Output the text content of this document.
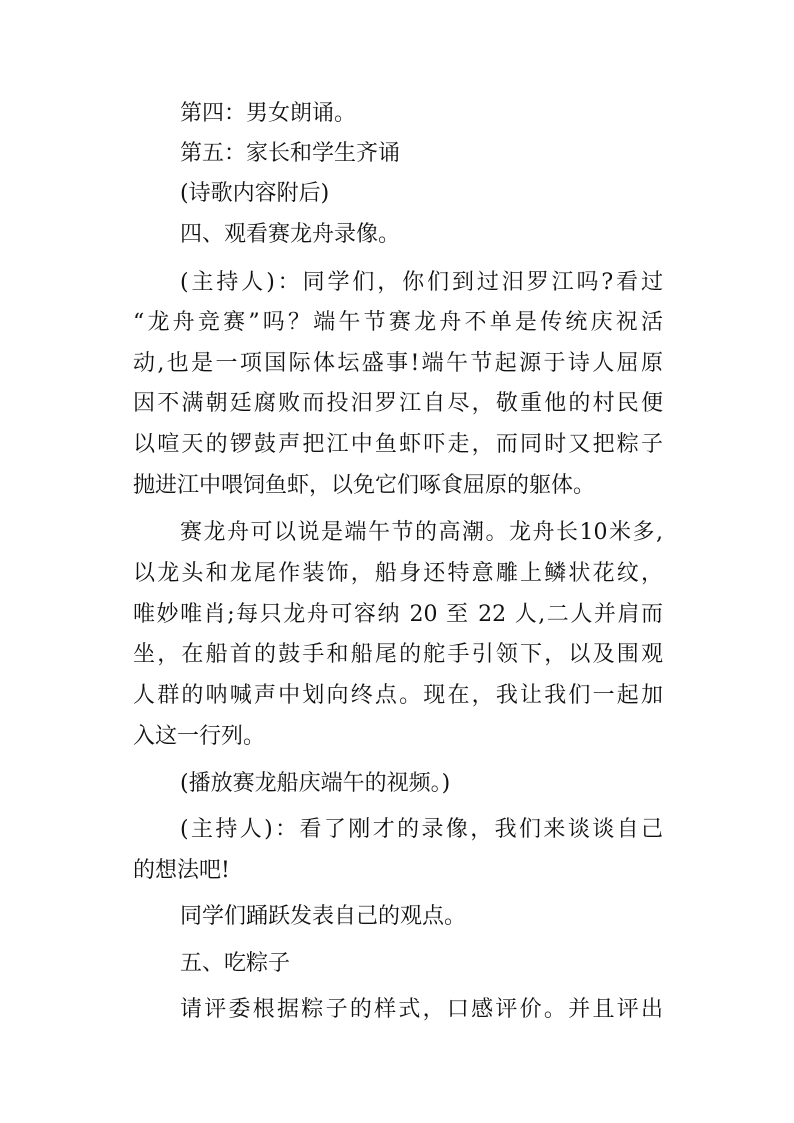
第四：男女朗诵。
第五：家长和学生齐诵
(诗歌内容附后)
四、观看赛龙舟录像。
(主持人)：同学们，你们到过汨罗江吗?看过
“龙舟竞赛”吗？端午节赛龙舟不单是传统庆祝活
动,也是一项国际体坛盛事!端午节起源于诗人屈原
因不满朝廷腐败而投汨罗江自尽，敬重他的村民便
以喧天的锣鼓声把江中鱼虾吓走，而同时又把粽子
抛进江中喂饲鱼虾，以免它们啄食屈原的躯体。
赛龙舟可以说是端午节的高潮。龙舟长10米多,
以龙头和龙尾作装饰，船身还特意雕上鳞状花纹，
唯妙唯肖;每只龙舟可容纳 20 至 22 人,二人并肩而
坐，在船首的鼓手和船尾的舵手引领下，以及围观
人群的呐喊声中划向终点。现在，我让我们一起加
入这一行列。
(播放赛龙船庆端午的视频。)
(主持人)：看了刚才的录像，我们来谈谈自己
的想法吧!
同学们踊跃发表自己的观点。
五、吃粽子
请评委根据粽子的样式，口感评价。并且评出
